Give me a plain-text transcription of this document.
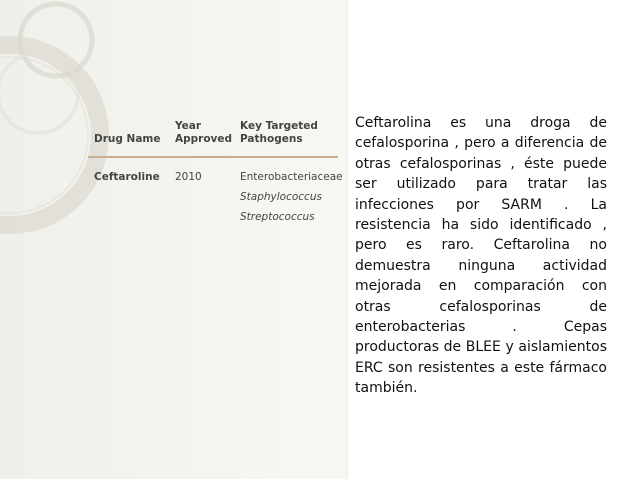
Drug Name
Year
Approved
Key Targeted
Pathogens
Ceftaroline 2010	Enterobacteriaceae
Staphylococcus
Streptococcus
Ceftarolina es una droga de cefalosporina , pero a diferencia de otras cefalosporinas , éste puede ser utilizado para tratar las infecciones por SARM . La resistencia ha sido identificado , pero es raro. Ceftarolina no demuestra ninguna actividad mejorada en comparación con otras cefalosporinas de enterobacterias . Cepas productoras de BLEE y aislamientos ERC son resistentes a este fármaco también.
